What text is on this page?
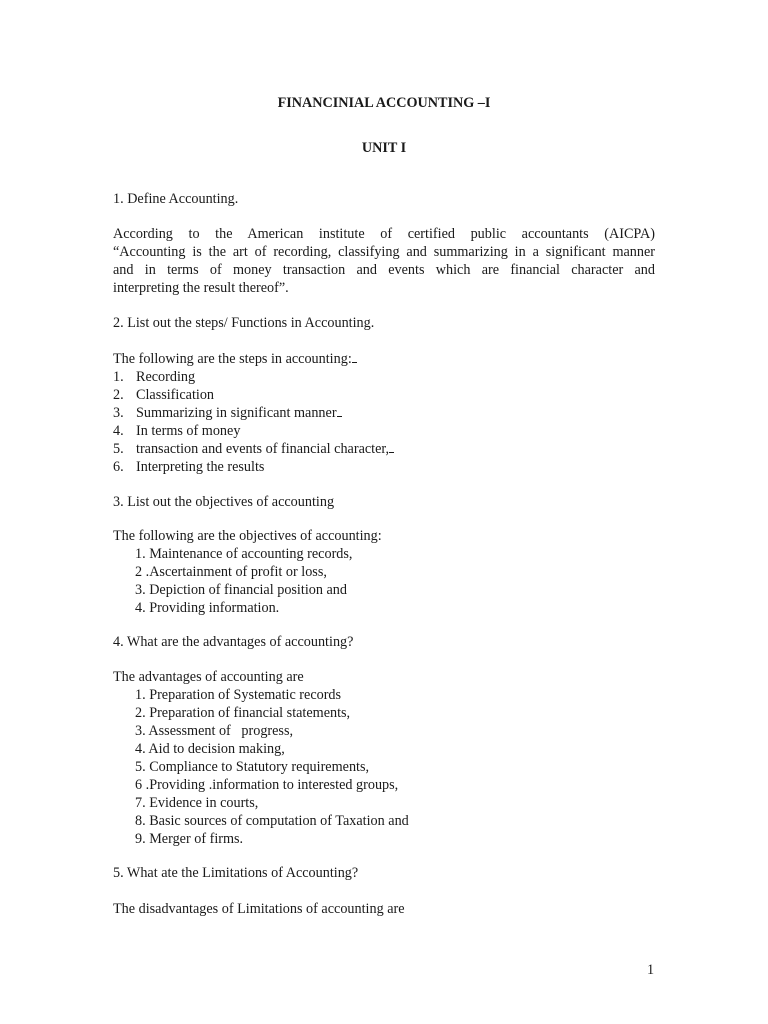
FINANCINIAL ACCOUNTING –I
UNIT I
1. Define Accounting.
According to the American institute of certified public accountants (AICPA)
“Accounting is the art of recording, classifying and summarizing in a significant manner
and in terms of money transaction and events which are financial character and
interpreting the result thereof”.
2. List out the steps/ Functions in Accounting.
The following are the steps in accounting:
1. Recording
2. Classification
3. Summarizing in significant manner
4. In terms of money
5. transaction and events of financial character,
6. Interpreting the results
3. List out the objectives of accounting
The following are the objectives of accounting:
1. Maintenance of accounting records,
2 .Ascertainment of profit or loss,
3. Depiction of financial position and
4. Providing information.
4. What are the advantages of accounting?
The advantages of accounting are
1. Preparation of Systematic records
2. Preparation of financial statements,
3. Assessment of   progress,
4. Aid to decision making,
5. Compliance to Statutory requirements,
6 .Providing .information to interested groups,
7. Evidence in courts,
8. Basic sources of computation of Taxation and
9. Merger of firms.
5. What ate the Limitations of Accounting?
The disadvantages of Limitations of accounting are
1
